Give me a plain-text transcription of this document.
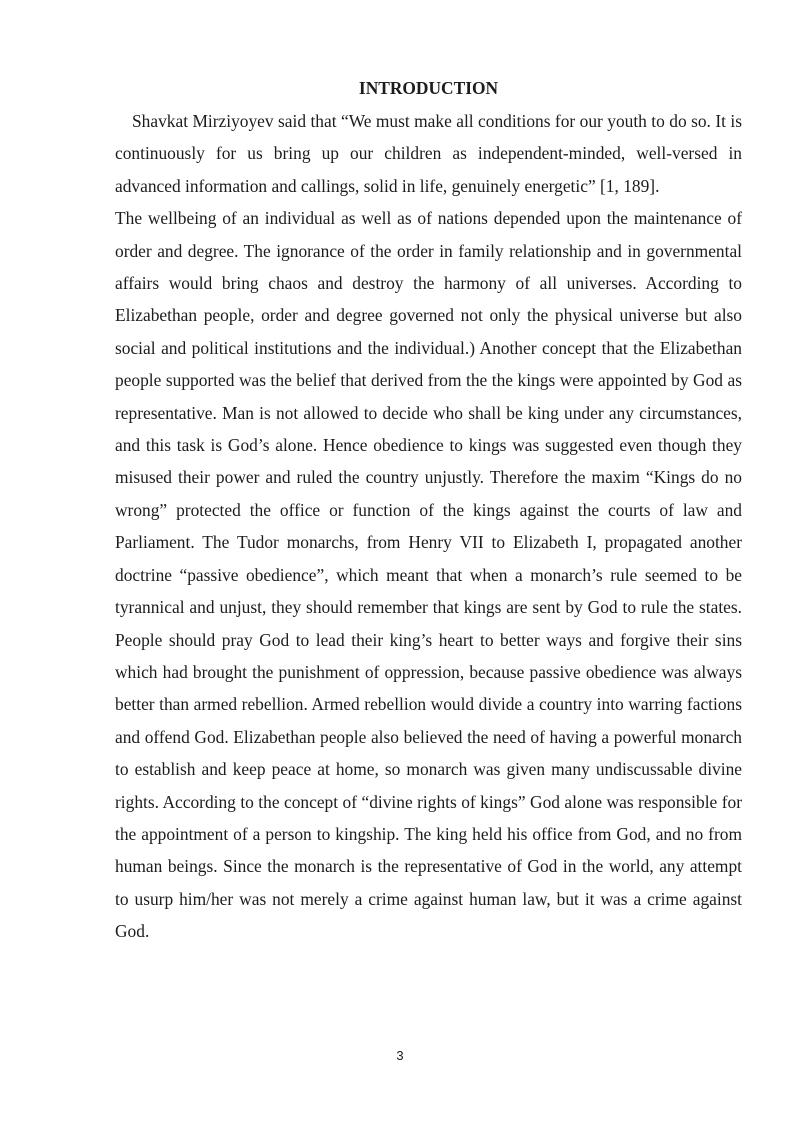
INTRODUCTION

Shavkat Mirziyoyev said that “We must make all conditions for our youth to do so. It is continuously for us bring up our children as independent-minded, well-versed in advanced information and callings, solid in life, genuinely energetic” [1, 189].

The wellbeing of an individual as well as of nations depended upon the maintenance of order and degree. The ignorance of the order in family relationship and in governmental affairs would bring chaos and destroy the harmony of all universes. According to Elizabethan people, order and degree governed not only the physical universe but also social and political institutions and the individual.) Another concept that the Elizabethan people supported was the belief that derived from the the kings were appointed by God as representative. Man is not allowed to decide who shall be king under any circumstances, and this task is God’s alone. Hence obedience to kings was suggested even though they misused their power and ruled the country unjustly. Therefore the maxim “Kings do no wrong” protected the office or function of the kings against the courts of law and Parliament. The Tudor monarchs, from Henry VII to Elizabeth I, propagated another doctrine “passive obedience”, which meant that when a monarch’s rule seemed to be tyrannical and unjust, they should remember that kings are sent by God to rule the states. People should pray God to lead their king’s heart to better ways and forgive their sins which had brought the punishment of oppression, because passive obedience was always better than armed rebellion. Armed rebellion would divide a country into warring factions and offend God. Elizabethan people also believed the need of having a powerful monarch to establish and keep peace at home, so monarch was given many undiscussable divine rights. According to the concept of “divine rights of kings” God alone was responsible for the appointment of a person to kingship. The king held his office from God, and no from human beings. Since the monarch is the representative of God in the world, any attempt to usurp him/her was not merely a crime against human law, but it was a crime against God.

3
